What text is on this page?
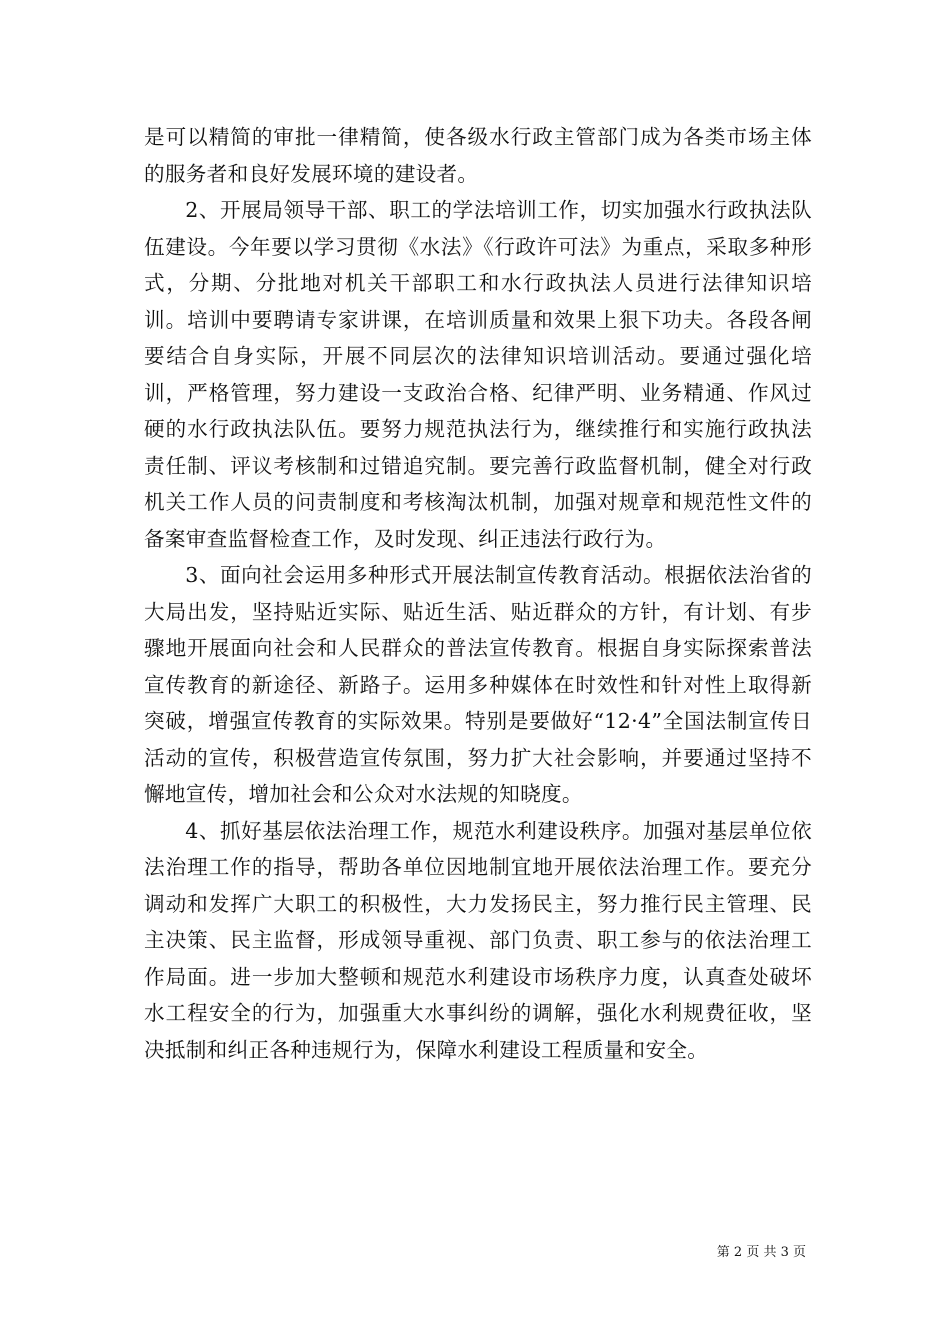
是可以精简的审批一律精简，使各级水行政主管部门成为各类市场主体的服务者和良好发展环境的建设者。

2、开展局领导干部、职工的学法培训工作，切实加强水行政执法队伍建设。今年要以学习贯彻《水法》《行政许可法》为重点，采取多种形式，分期、分批地对机关干部职工和水行政执法人员进行法律知识培训。培训中要聘请专家讲课，在培训质量和效果上狠下功夫。各段各闸要结合自身实际，开展不同层次的法律知识培训活动。要通过强化培训，严格管理，努力建设一支政治合格、纪律严明、业务精通、作风过硬的水行政执法队伍。要努力规范执法行为，继续推行和实施行政执法责任制、评议考核制和过错追究制。要完善行政监督机制，健全对行政机关工作人员的问责制度和考核淘汰机制，加强对规章和规范性文件的备案审查监督检查工作，及时发现、纠正违法行政行为。

3、面向社会运用多种形式开展法制宣传教育活动。根据依法治省的大局出发，坚持贴近实际、贴近生活、贴近群众的方针，有计划、有步骤地开展面向社会和人民群众的普法宣传教育。根据自身实际探索普法宣传教育的新途径、新路子。运用多种媒体在时效性和针对性上取得新突破，增强宣传教育的实际效果。特别是要做好“12·4”全国法制宣传日活动的宣传，积极营造宣传氛围，努力扩大社会影响，并要通过坚持不懈地宣传，增加社会和公众对水法规的知晓度。

4、抓好基层依法治理工作，规范水利建设秩序。加强对基层单位依法治理工作的指导，帮助各单位因地制宜地开展依法治理工作。要充分调动和发挥广大职工的积极性，大力发扬民主，努力推行民主管理、民主决策、民主监督，形成领导重视、部门负责、职工参与的依法治理工作局面。进一步加大整顿和规范水利建设市场秩序力度，认真查处破坏水工程安全的行为，加强重大水事纠纷的调解，强化水利规费征收，坚决抵制和纠正各种违规行为，保障水利建设工程质量和安全。

第 2 页 共 3 页
